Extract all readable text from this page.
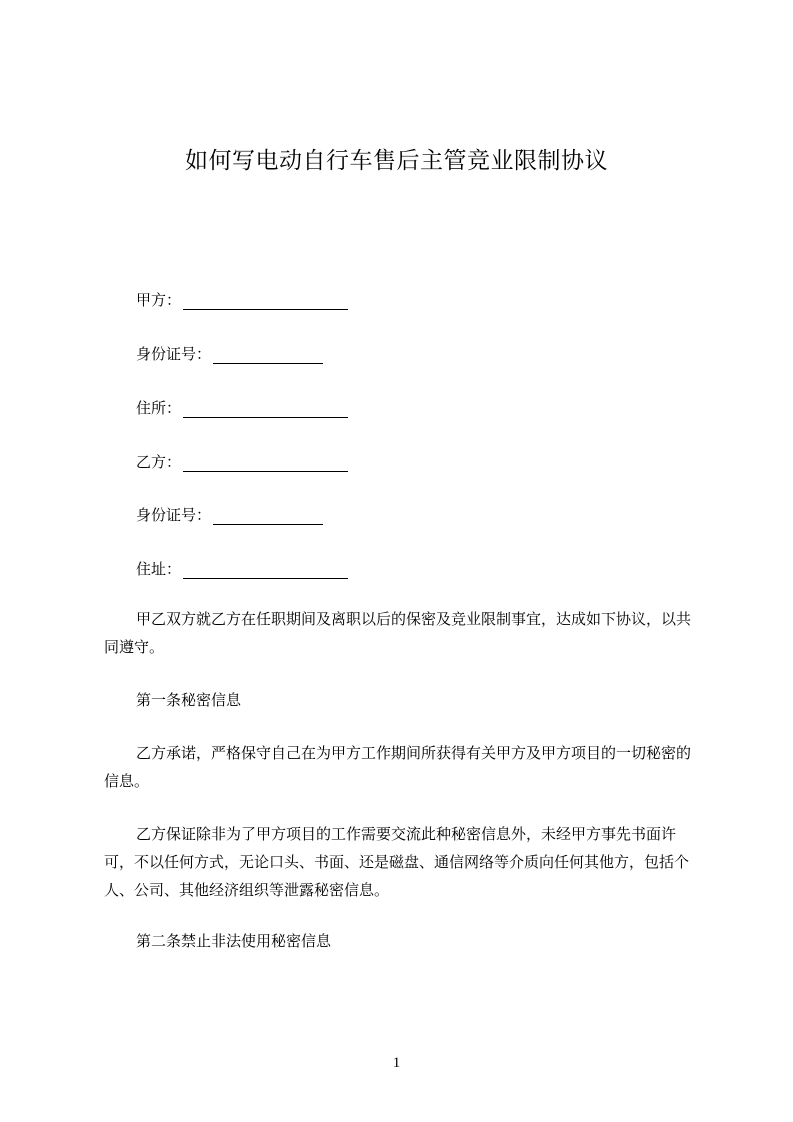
如何写电动自行车售后主管竞业限制协议
甲方：
身份证号：
住所：
乙方：
身份证号：
住址：

甲乙双方就乙方在任职期间及离职以后的保密及竞业限制事宜，达成如下协议，以共同遵守。

第一条秘密信息

乙方承诺，严格保守自己在为甲方工作期间所获得有关甲方及甲方项目的一切秘密的信息。

乙方保证除非为了甲方项目的工作需要交流此种秘密信息外，未经甲方事先书面许可，不以任何方式，无论口头、书面、还是磁盘、通信网络等介质向任何其他方，包括个人、公司、其他经济组织等泄露秘密信息。

第二条禁止非法使用秘密信息
1
